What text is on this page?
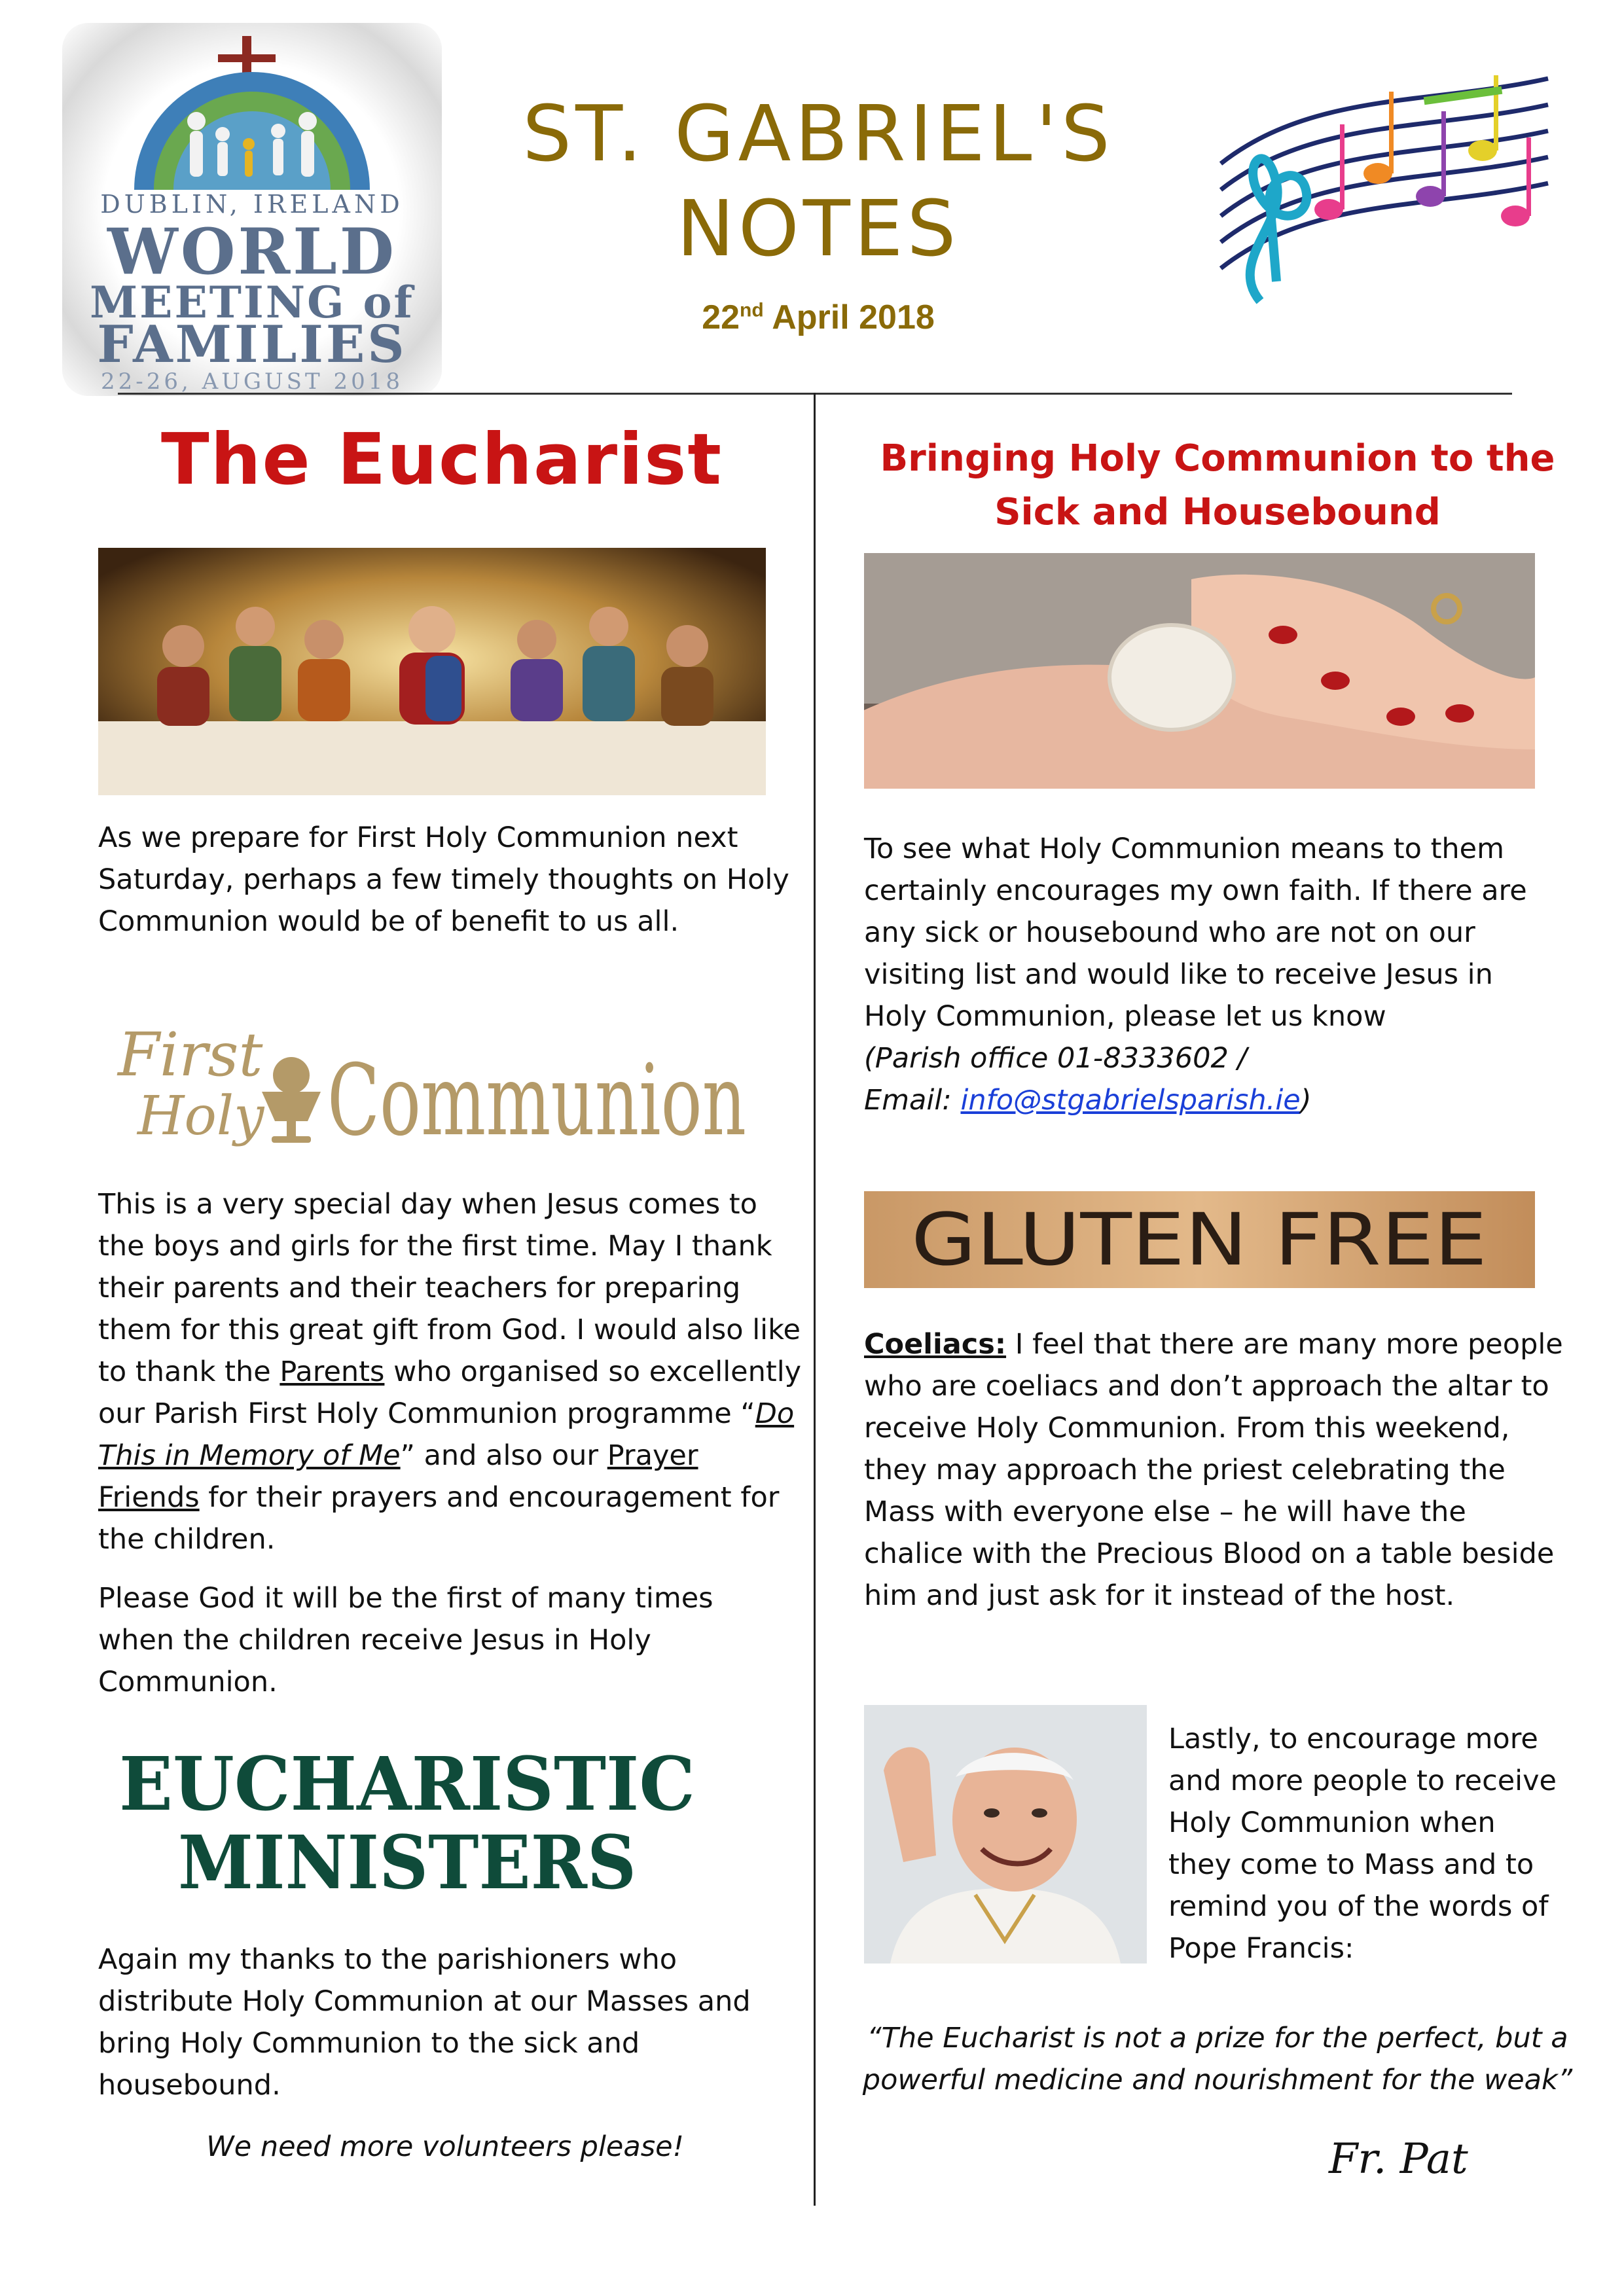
DUBLIN, IRELAND
WORLD
MEETING of
FAMILIES
22-26, AUGUST 2018
ST. GABRIEL'S
NOTES
22nd April 2018
The Eucharist
As we prepare for First Holy Communion next Saturday, perhaps a few timely thoughts on Holy Communion would be of benefit to us all.
First
Holy Communion
This is a very special day when Jesus comes to the boys and girls for the first time. May I thank their parents and their teachers for preparing them for this great gift from God. I would also like to thank the Parents who organised so excellently our Parish First Holy Communion programme “Do This in Memory of Me” and also our Prayer Friends for their prayers and encouragement for the children.
Please God it will be the first of many times when the children receive Jesus in Holy Communion.
EUCHARISTIC
MINISTERS
Again my thanks to the parishioners who distribute Holy Communion at our Masses and bring Holy Communion to the sick and housebound.
We need more volunteers please!
Bringing Holy Communion to the Sick and Housebound
To see what Holy Communion means to them certainly encourages my own faith. If there are any sick or housebound who are not on our visiting list and would like to receive Jesus in Holy Communion, please let us know
(Parish office 01-8333602 /
Email: info@stgabrielsparish.ie)
GLUTEN FREE
Coeliacs: I feel that there are many more people who are coeliacs and don’t approach the altar to receive Holy Communion. From this weekend, they may approach the priest celebrating the Mass with everyone else – he will have the chalice with the Precious Blood on a table beside him and just ask for it instead of the host.
Lastly, to encourage more and more people to receive Holy Communion when they come to Mass and to remind you of the words of Pope Francis:
“The Eucharist is not a prize for the perfect, but a powerful medicine and nourishment for the weak”
Fr. Pat
